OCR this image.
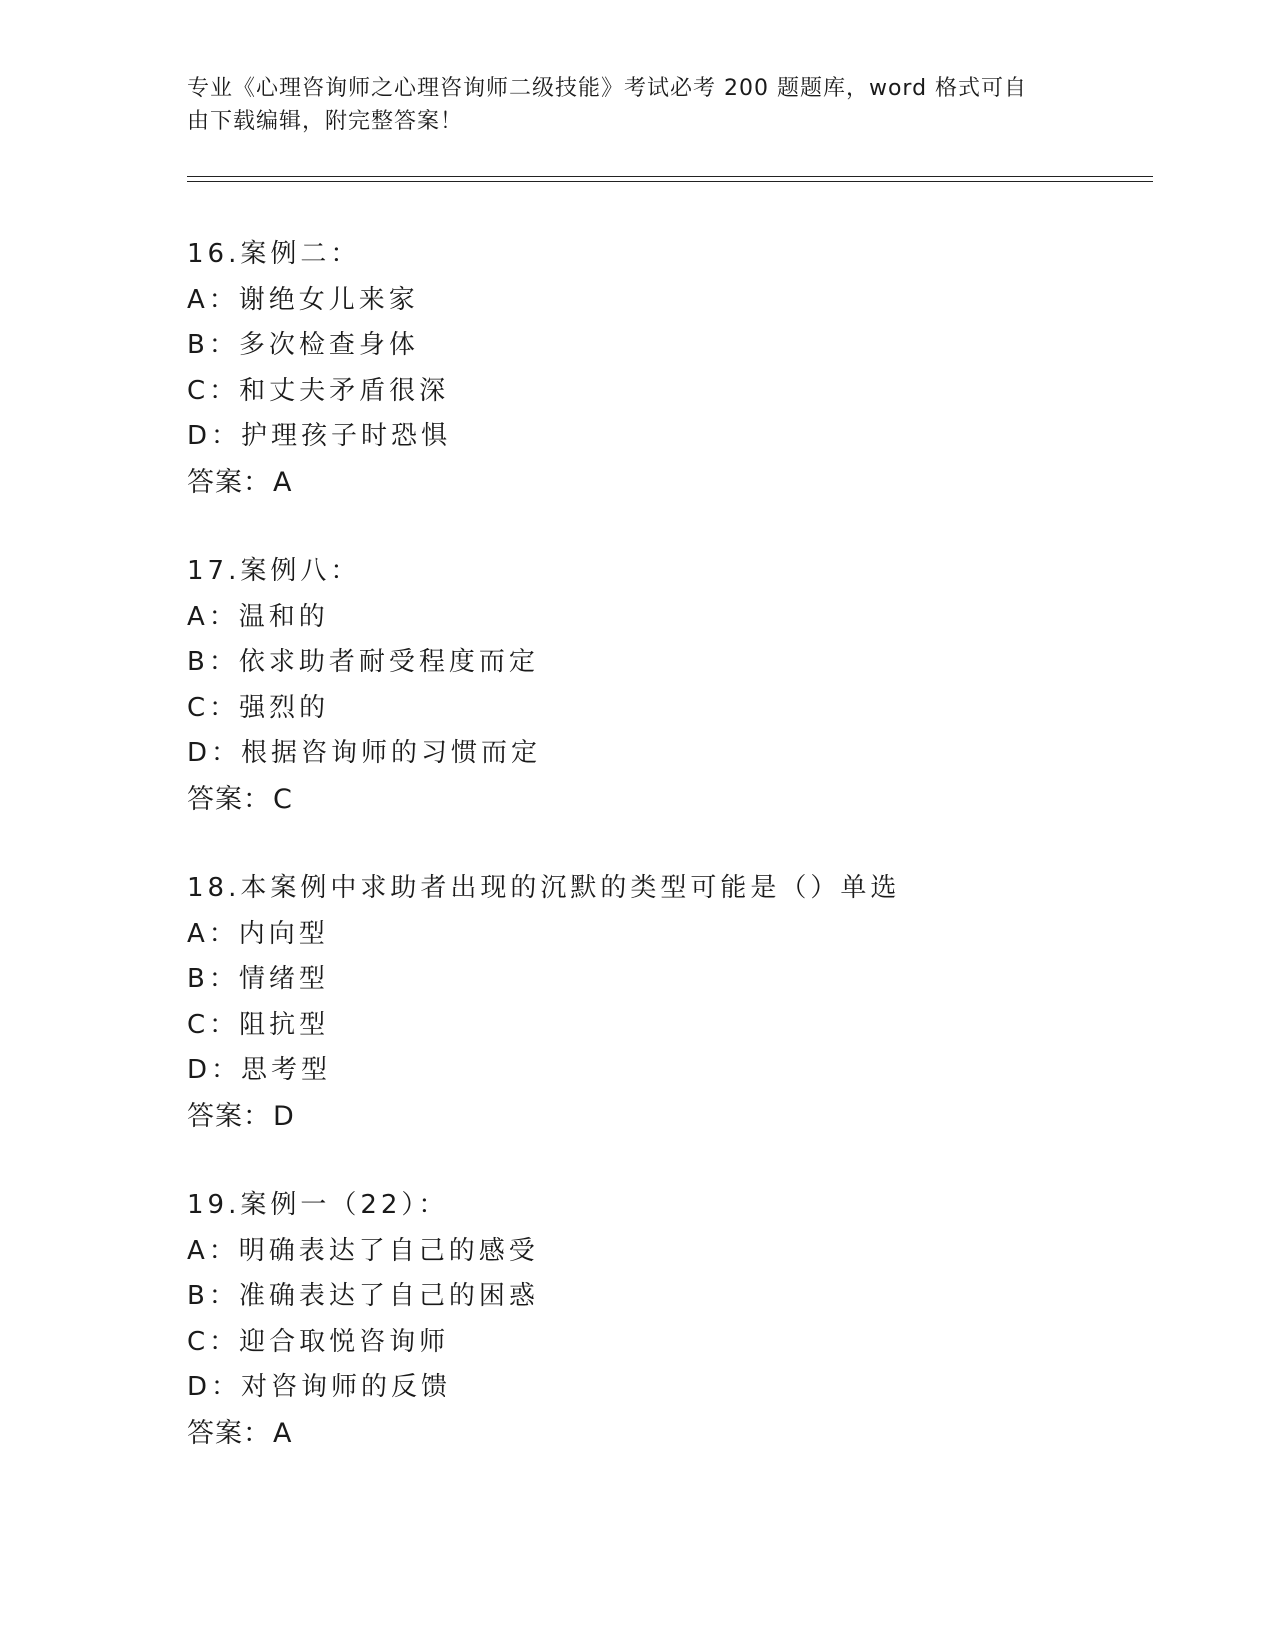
专业《心理咨询师之心理咨询师二级技能》考试必考 200 题题库，word 格式可自

由下载编辑，附完整答案！

16.案例二：
A：谢绝女儿来家
B：多次检查身体
C：和丈夫矛盾很深
D：护理孩子时恐惧
答案：A
17.案例八：
A：温和的
B：依求助者耐受程度而定
C：强烈的
D：根据咨询师的习惯而定
答案：C
18.本案例中求助者出现的沉默的类型可能是（）单选
A：内向型
B：情绪型
C：阻抗型
D：思考型
答案：D
19.案例一（22）：
A：明确表达了自己的感受
B：准确表达了自己的困惑
C：迎合取悦咨询师
D：对咨询师的反馈
答案：A
